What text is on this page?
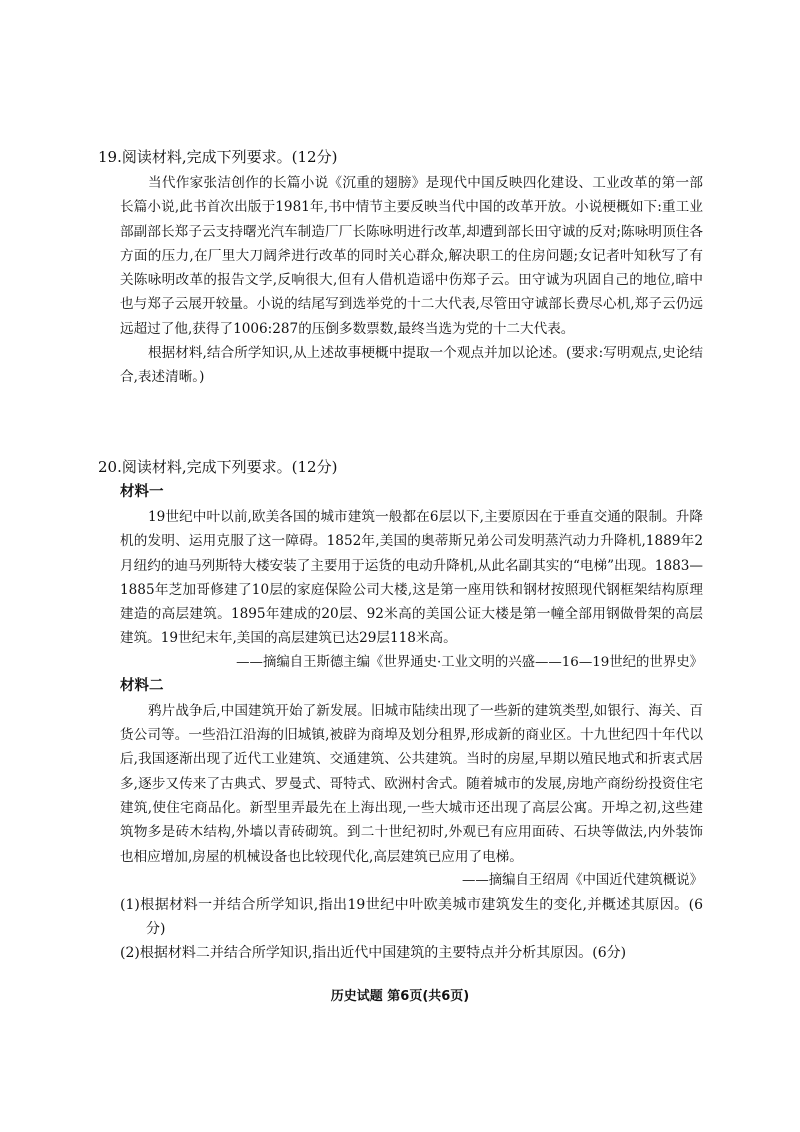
19.阅读材料,完成下列要求。(12分)

当代作家张洁创作的长篇小说《沉重的翅膀》是现代中国反映四化建设、工业改革的第一部长篇小说,此书首次出版于1981年,书中情节主要反映当代中国的改革开放。小说梗概如下:重工业部副部长郑子云支持曙光汽车制造厂厂长陈咏明进行改革,却遭到部长田守诚的反对;陈咏明顶住各方面的压力,在厂里大刀阔斧进行改革的同时关心群众,解决职工的住房问题;女记者叶知秋写了有关陈咏明改革的报告文学,反响很大,但有人借机造谣中伤郑子云。田守诚为巩固自己的地位,暗中也与郑子云展开较量。小说的结尾写到选举党的十二大代表,尽管田守诚部长费尽心机,郑子云仍远远超过了他,获得了1006:287的压倒多数票数,最终当选为党的十二大代表。

根据材料,结合所学知识,从上述故事梗概中提取一个观点并加以论述。(要求:写明观点,史论结合,表述清晰。)

20.阅读材料,完成下列要求。(12分)

材料一

19世纪中叶以前,欧美各国的城市建筑一般都在6层以下,主要原因在于垂直交通的限制。升降机的发明、运用克服了这一障碍。1852年,美国的奥蒂斯兄弟公司发明蒸汽动力升降机,1889年2月纽约的迪马列斯特大楼安装了主要用于运货的电动升降机,从此名副其实的“电梯”出现。1883—1885年芝加哥修建了10层的家庭保险公司大楼,这是第一座用铁和钢材按照现代钢框架结构原理建造的高层建筑。1895年建成的20层、92米高的美国公证大楼是第一幢全部用钢做骨架的高层建筑。19世纪末年,美国的高层建筑已达29层118米高。

——摘编自王斯德主编《世界通史·工业文明的兴盛——16—19世纪的世界史》

材料二

鸦片战争后,中国建筑开始了新发展。旧城市陆续出现了一些新的建筑类型,如银行、海关、百货公司等。一些沿江沿海的旧城镇,被辟为商埠及划分租界,形成新的商业区。十九世纪四十年代以后,我国逐渐出现了近代工业建筑、交通建筑、公共建筑。当时的房屋,早期以殖民地式和折衷式居多,逐步又传来了古典式、罗曼式、哥特式、欧洲村舍式。随着城市的发展,房地产商纷纷投资住宅建筑,使住宅商品化。新型里弄最先在上海出现,一些大城市还出现了高层公寓。开埠之初,这些建筑物多是砖木结构,外墙以青砖砌筑。到二十世纪初时,外观已有应用面砖、石块等做法,内外装饰也相应增加,房屋的机械设备也比较现代化,高层建筑已应用了电梯。

——摘编自王绍周《中国近代建筑概说》

(1)根据材料一并结合所学知识,指出19世纪中叶欧美城市建筑发生的变化,并概述其原因。(6分)

(2)根据材料二并结合所学知识,指出近代中国建筑的主要特点并分析其原因。(6分)

历史试题 第6页(共6页)
